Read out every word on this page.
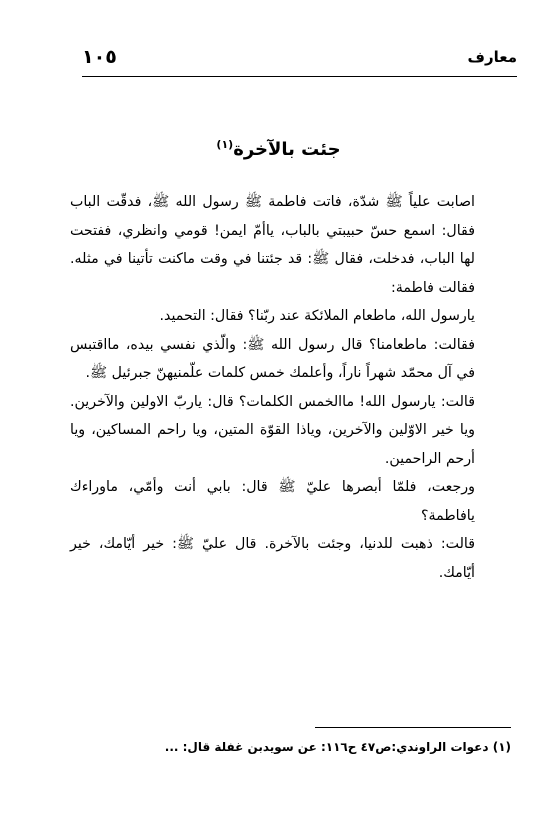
١٠٥	معارف
جئت بالآخرة$^{(١)}$

اصابت علياً ﷺ شدّة، فاتت فاطمة ﷺ رسول الله ﷺ، فدقّت الباب فقال: اسمع حسّ حبيبتي بالباب، ياأمّ ايمن! قومي وانظري، ففتحت لها الباب، فدخلت، فقال ﷺ: قد جئتنا في وقت ماكنت تأتينا في مثله. فقالت فاطمة:

يارسول الله، ماطعام الملائكة عند ربّنا؟ فقال: التحميد.

فقالت: ماطعامنا؟ قال رسول الله ﷺ: والّذي نفسي بيده، مااقتبس في آل محمّد شهراً ناراً، وأعلمك خمس كلمات علّمنيهنّ جبرئيل ﷺ.

قالت: يارسول الله! ماالخمس الكلمات؟ قال: ياربّ الاولين والآخرين. ويا خير الاوّلين والآخرين، وياذا القوّة المتين، ويا راحم المساكين، ويا أرحم الراحمين.

ورجعت، فلمّا أبصرها عليّ ﷺ قال: بابي أنت وأمّي، ماوراءك يافاطمة؟

قالت: ذهبت للدنيا، وجئت بالآخرة. قال عليّ ﷺ: خير أيّامك، خير أيّامك.

(١) دعوات الراوندي:ص٤٧ ح١١٦: عن سويدبن غفلة قال: ...
